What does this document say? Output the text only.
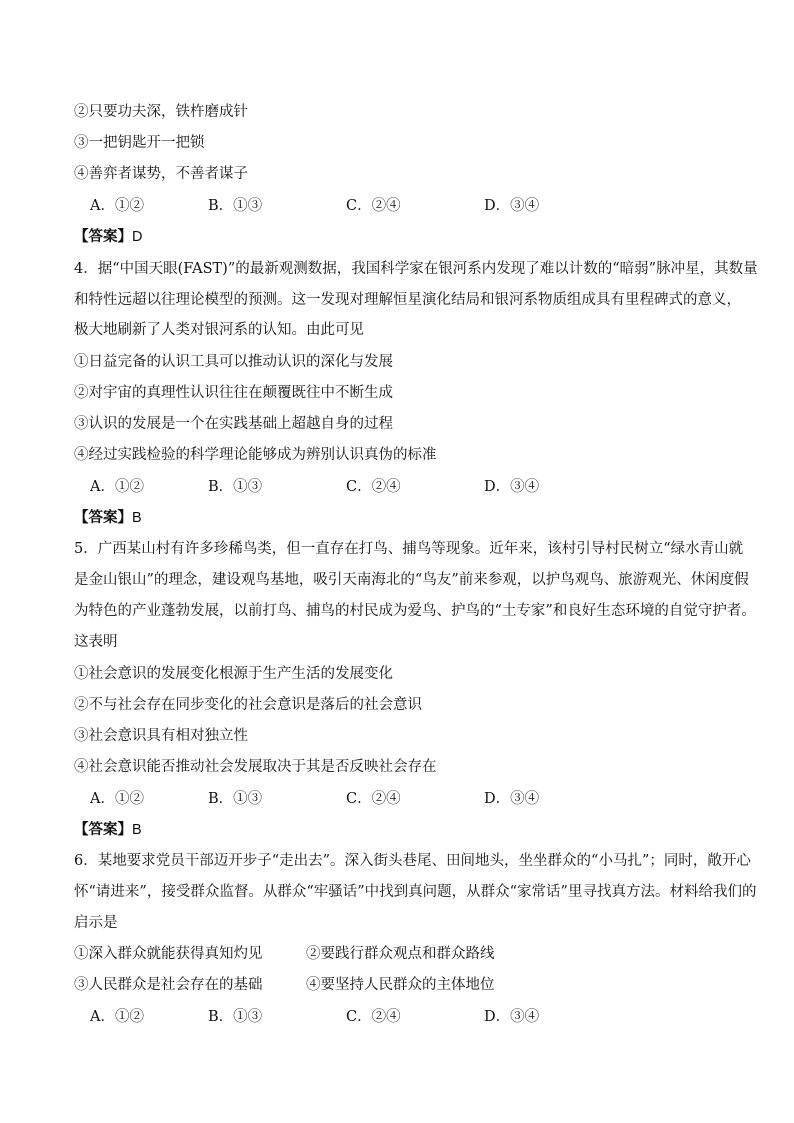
②只要功夫深，铁杵磨成针
③一把钥匙开一把锁
④善弈者谋势，不善者谋子
A．①②	B．①③	C．②④	D．③④
【答案】D
4．据“中国天眼(FAST)”的最新观测数据，我国科学家在银河系内发现了难以计数的“暗弱”脉冲星，其数量
和特性远超以往理论模型的预测。这一发现对理解恒星演化结局和银河系物质组成具有里程碑式的意义，
极大地刷新了人类对银河系的认知。由此可见
①日益完备的认识工具可以推动认识的深化与发展
②对宇宙的真理性认识往往在颠覆既往中不断生成
③认识的发展是一个在实践基础上超越自身的过程
④经过实践检验的科学理论能够成为辨别认识真伪的标准
A．①②	B．①③	C．②④	D．③④
【答案】B
5．广西某山村有许多珍稀鸟类，但一直存在打鸟、捕鸟等现象。近年来，该村引导村民树立“绿水青山就
是金山银山”的理念，建设观鸟基地，吸引天南海北的“鸟友”前来参观，以护鸟观鸟、旅游观光、休闲度假
为特色的产业蓬勃发展，以前打鸟、捕鸟的村民成为爱鸟、护鸟的“土专家”和良好生态环境的自觉守护者。
这表明
①社会意识的发展变化根源于生产生活的发展变化
②不与社会存在同步变化的社会意识是落后的社会意识
③社会意识具有相对独立性
④社会意识能否推动社会发展取决于其是否反映社会存在
A．①②	B．①③	C．②④	D．③④
【答案】B
6．某地要求党员干部迈开步子“走出去”。深入街头巷尾、田间地头，坐坐群众的“小马扎”；同时，敞开心
怀“请进来”，接受群众监督。从群众“牢骚话”中找到真问题，从群众“家常话”里寻找真方法。材料给我们的
启示是
①深入群众就能获得真知灼见	②要践行群众观点和群众路线
③人民群众是社会存在的基础	④要坚持人民群众的主体地位
A．①②	B．①③	C．②④	D．③④
